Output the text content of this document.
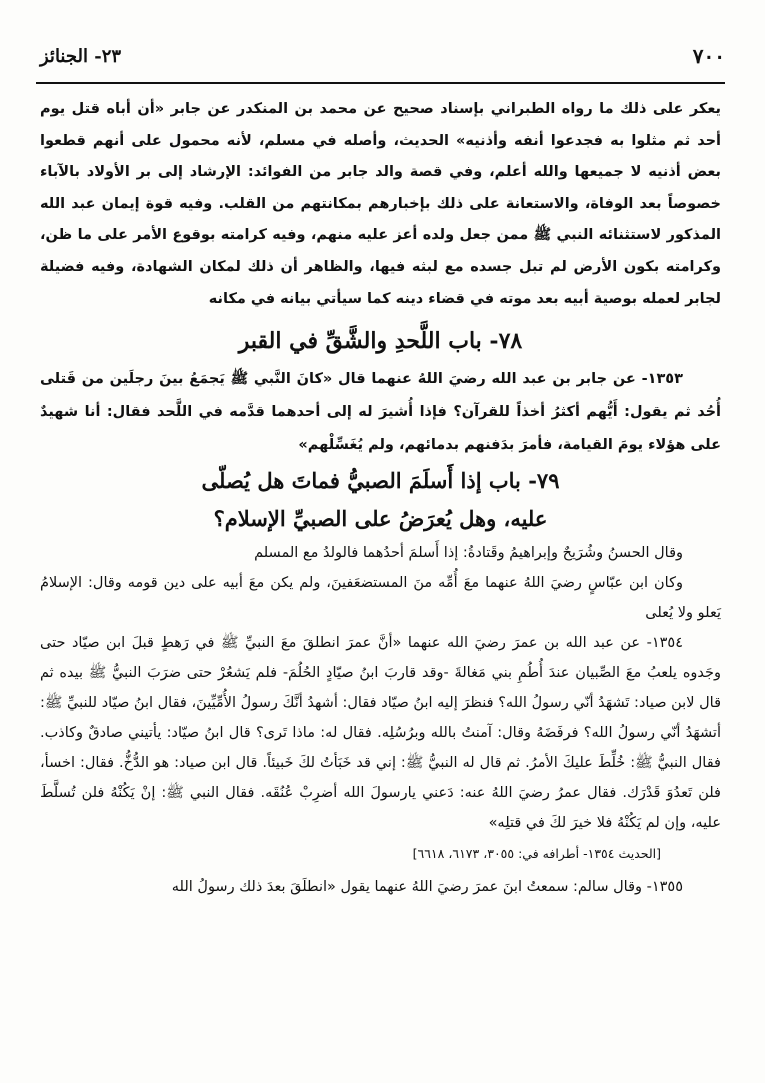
٧٠٠
٢٣- الجنائز

يعكر على ذلك ما رواه الطبراني بإسناد صحيح عن محمد بن المنكدر عن جابر «أن أباه قتل يوم أحد ثم مثلوا به فجدعوا أنفه وأذنيه» الحديث، وأصله في مسلم، لأنه محمول على أنهم قطعوا بعض أذنيه لا جميعها والله أعلم، وفي قصة والد جابر من الفوائد: الإرشاد إلى بر الأولاد بالآباء خصوصاً بعد الوفاة، والاستعانة على ذلك بإخبارهم بمكانتهم من القلب. وفيه قوة إيمان عبد الله المذكور لاستثنائه النبي ﷺ ممن جعل ولده أعز عليه منهم، وفيه كرامته بوقوع الأمر على ما ظن، وكرامته بكون الأرض لم تبل جسده مع لبثه فيها، والظاهر أن ذلك لمكان الشهادة، وفيه فضيلة لجابر لعمله بوصية أبيه بعد موته في قضاء دينه كما سيأتي بيانه في مكانه

٧٨- باب اللَّحدِ والشَّقِّ في القبر

١٣٥٣- عن جابر بن عبد الله رضيَ اللهُ عنهما قال «كانَ النَّبي ﷺ يَجمَعُ بينَ رجلَين من قَتلى أُحُد ثم يقول: أَيُّهم أكثرُ أخذاً للقرآن؟ فإذا أُشيرَ له إلى أحدهما قدَّمه في اللَّحد فقال: أنا شهيدٌ على هؤلاء يومَ القيامة، فأمرَ بدَفنهم بدمائهم، ولم يُغَسِّلْهم»

٧٩- باب إذا أَسلَمَ الصبيُّ فماتَ هل يُصلّى
عليه، وهل يُعرَضُ على الصبيِّ الإسلام؟

وقال الحسنُ وشُرَيحٌ وإبراهيمُ وقَتادةُ: إذا أَسلمَ أحدُهما فالولدُ مع المسلم

وكان ابن عبّاسٍ رضيَ اللهُ عنهما معَ أُمِّه منَ المستضعَفينَ، ولم يكن معَ أبيه على دين قومه وقال: الإسلامُ يَعلو ولا يُعلى

١٣٥٤- عن عبد الله بن عمرَ رضيَ الله عنهما «أنَّ عمرَ انطلقَ معَ النبيِّ ﷺ في رَهطٍ قبلَ ابن صيّاد حتى وجَدوه يلعبُ معَ الصِّبيان عندَ أُطُمِ بني مَغالةَ -وقد قاربَ ابنُ صيّادٍ الحُلُمَ- فلم يَشعُرْ حتى ضرَبَ النبيُّ ﷺ بيده ثم قال لابن صياد: تَشهَدُ أنّي رسولُ الله؟ فنظرَ إليه ابنُ صيّاد فقال: أشهدُ أنَّكَ رسولُ الأُمِّيِّينَ، فقال ابنُ صيّاد للنبيِّ ﷺ: أتشهَدُ أنّي رسولُ الله؟ فرفَضَهُ وقال: آمنتُ بالله وبرُسُلِه. فقال له: ماذا تَرى؟ قال ابنُ صيّاد: يأتيني صادقٌ وكاذب. فقال النبيُّ ﷺ: خُلِّطَ عليكَ الأمرُ. ثم قال له النبيُّ ﷺ: إني قد خَبَأتُ لكَ خَبيئاً. قال ابن صياد: هو الدُّخُّ. فقال: اخسأ، فلن تَعدُوَ قَدْرَك. فقال عمرُ رضيَ اللهُ عنه: دَعني يارسولَ الله أضرِبْ عُنُقَه. فقال النبي ﷺ: إنْ يَكُنْهُ فلن تُسلَّطَ عليه، وإن لم يَكُنْهُ فلا خيرَ لكَ في قتلِه»

[الحديث ١٣٥٤- أطرافه في: ٣٠٥٥، ٦١٧٣، ٦٦١٨]

١٣٥٥- وقال سالم: سمعتُ ابنَ عمرَ رضيَ اللهُ عنهما يقول «انطلَقَ بعدَ ذلك رسولُ الله
